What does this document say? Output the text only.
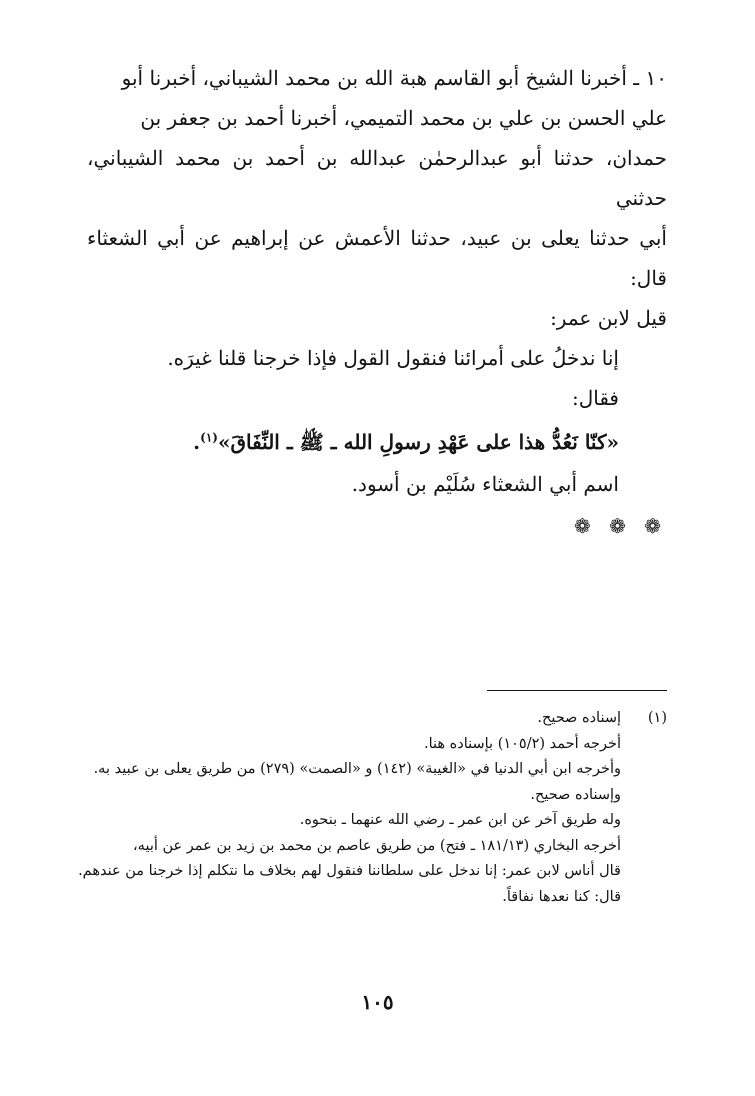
١٠ ـ أخبرنا الشيخ أبو القاسم هبة الله بن محمد الشيباني، أخبرنا أبو

علي الحسن بن علي بن محمد التميمي، أخبرنا أحمد بن جعفر بن

حمدان، حدثنا أبو عبدالرحمٰن عبدالله بن أحمد بن محمد الشيباني، حدثني

أبي حدثنا يعلى بن عبيد، حدثنا الأعمش عن إبراهيم عن أبي الشعثاء قال:

قيل لابن عمر:

إنا ندخلُ على أمرائنا فنقول القول فإذا خرجنا قلنا غيرَه.

فقال:

«كنّا نَعُدُّ هذا على عَهْدِ رسولِ الله ـ ﷺ ـ النِّفَاقَ»$^{(١)}$.

اسم أبي الشعثاء سُلَيْم بن أسود.

❁ ❁ ❁

(١)

إسناده صحيح.

أخرجه أحمد (١٠٥/٢) بإسناده هنا.

وأخرجه ابن أبي الدنيا في «الغيبة» (١٤٢) و «الصمت» (٢٧٩) من طريق يعلى بن عبيد به.

وإسناده صحيح.

وله طريق آخر عن ابن عمر ـ رضي الله عنهما ـ بنحوه.

أخرجه البخاري (١٨١/١٣ ـ فتح) من طريق عاصم بن محمد بن زيد بن عمر عن أبيه،

قال أناس لابن عمر: إنا ندخل على سلطاننا فنقول لهم بخلاف ما نتكلم إذا خرجنا من عندهم.

قال: كنا نعدها نفاقاً.

١٠٥
